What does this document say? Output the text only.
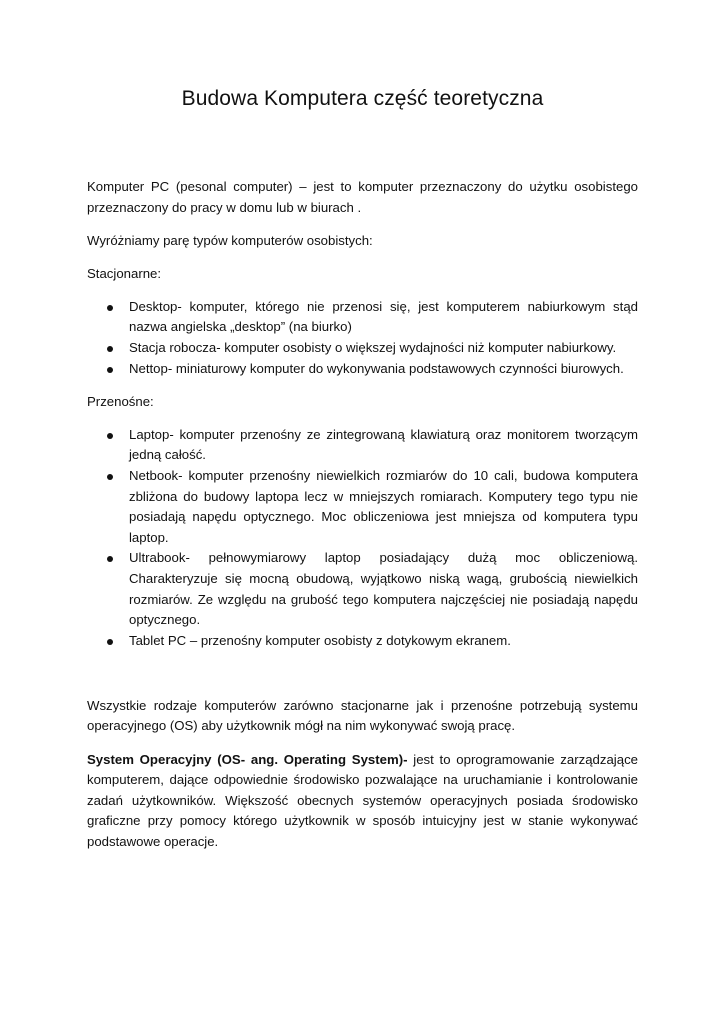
Budowa Komputera część teoretyczna

Komputer PC (pesonal computer) – jest to komputer przeznaczony do użytku osobistego przeznaczony do pracy w domu lub w biurach .

Wyróżniamy parę typów komputerów osobistych:

Stacjonarne:

Desktop- komputer, którego nie przenosi się, jest komputerem nabiurkowym stąd nazwa angielska „desktop” (na biurko)
Stacja robocza- komputer osobisty o większej wydajności niż komputer nabiurkowy.
Nettop- miniaturowy komputer do wykonywania podstawowych czynności biurowych.

Przenośne:

Laptop- komputer przenośny ze zintegrowaną klawiaturą oraz monitorem tworzącym jedną całość.
Netbook- komputer przenośny niewielkich rozmiarów do 10 cali, budowa komputera zbliżona do budowy laptopa lecz w mniejszych romiarach. Komputery tego typu nie posiadają napędu optycznego. Moc obliczeniowa jest mniejsza od komputera typu laptop.
Ultrabook- pełnowymiarowy laptop posiadający dużą moc obliczeniową. Charakteryzuje się mocną obudową, wyjątkowo niską wagą, grubością niewielkich rozmiarów. Ze względu na grubość tego komputera najczęściej nie posiadają napędu optycznego.
Tablet PC – przenośny komputer osobisty z dotykowym ekranem.

Wszystkie rodzaje komputerów zarówno stacjonarne jak i przenośne potrzebują systemu operacyjnego (OS) aby użytkownik mógł na nim wykonywać swoją pracę.

System Operacyjny (OS- ang. Operating System)- jest to oprogramowanie zarządzające komputerem, dające odpowiednie środowisko pozwalające na uruchamianie i kontrolowanie zadań użytkowników. Większość obecnych systemów operacyjnych posiada środowisko graficzne przy pomocy którego użytkownik w sposób intuicyjny jest w stanie wykonywać podstawowe operacje.
